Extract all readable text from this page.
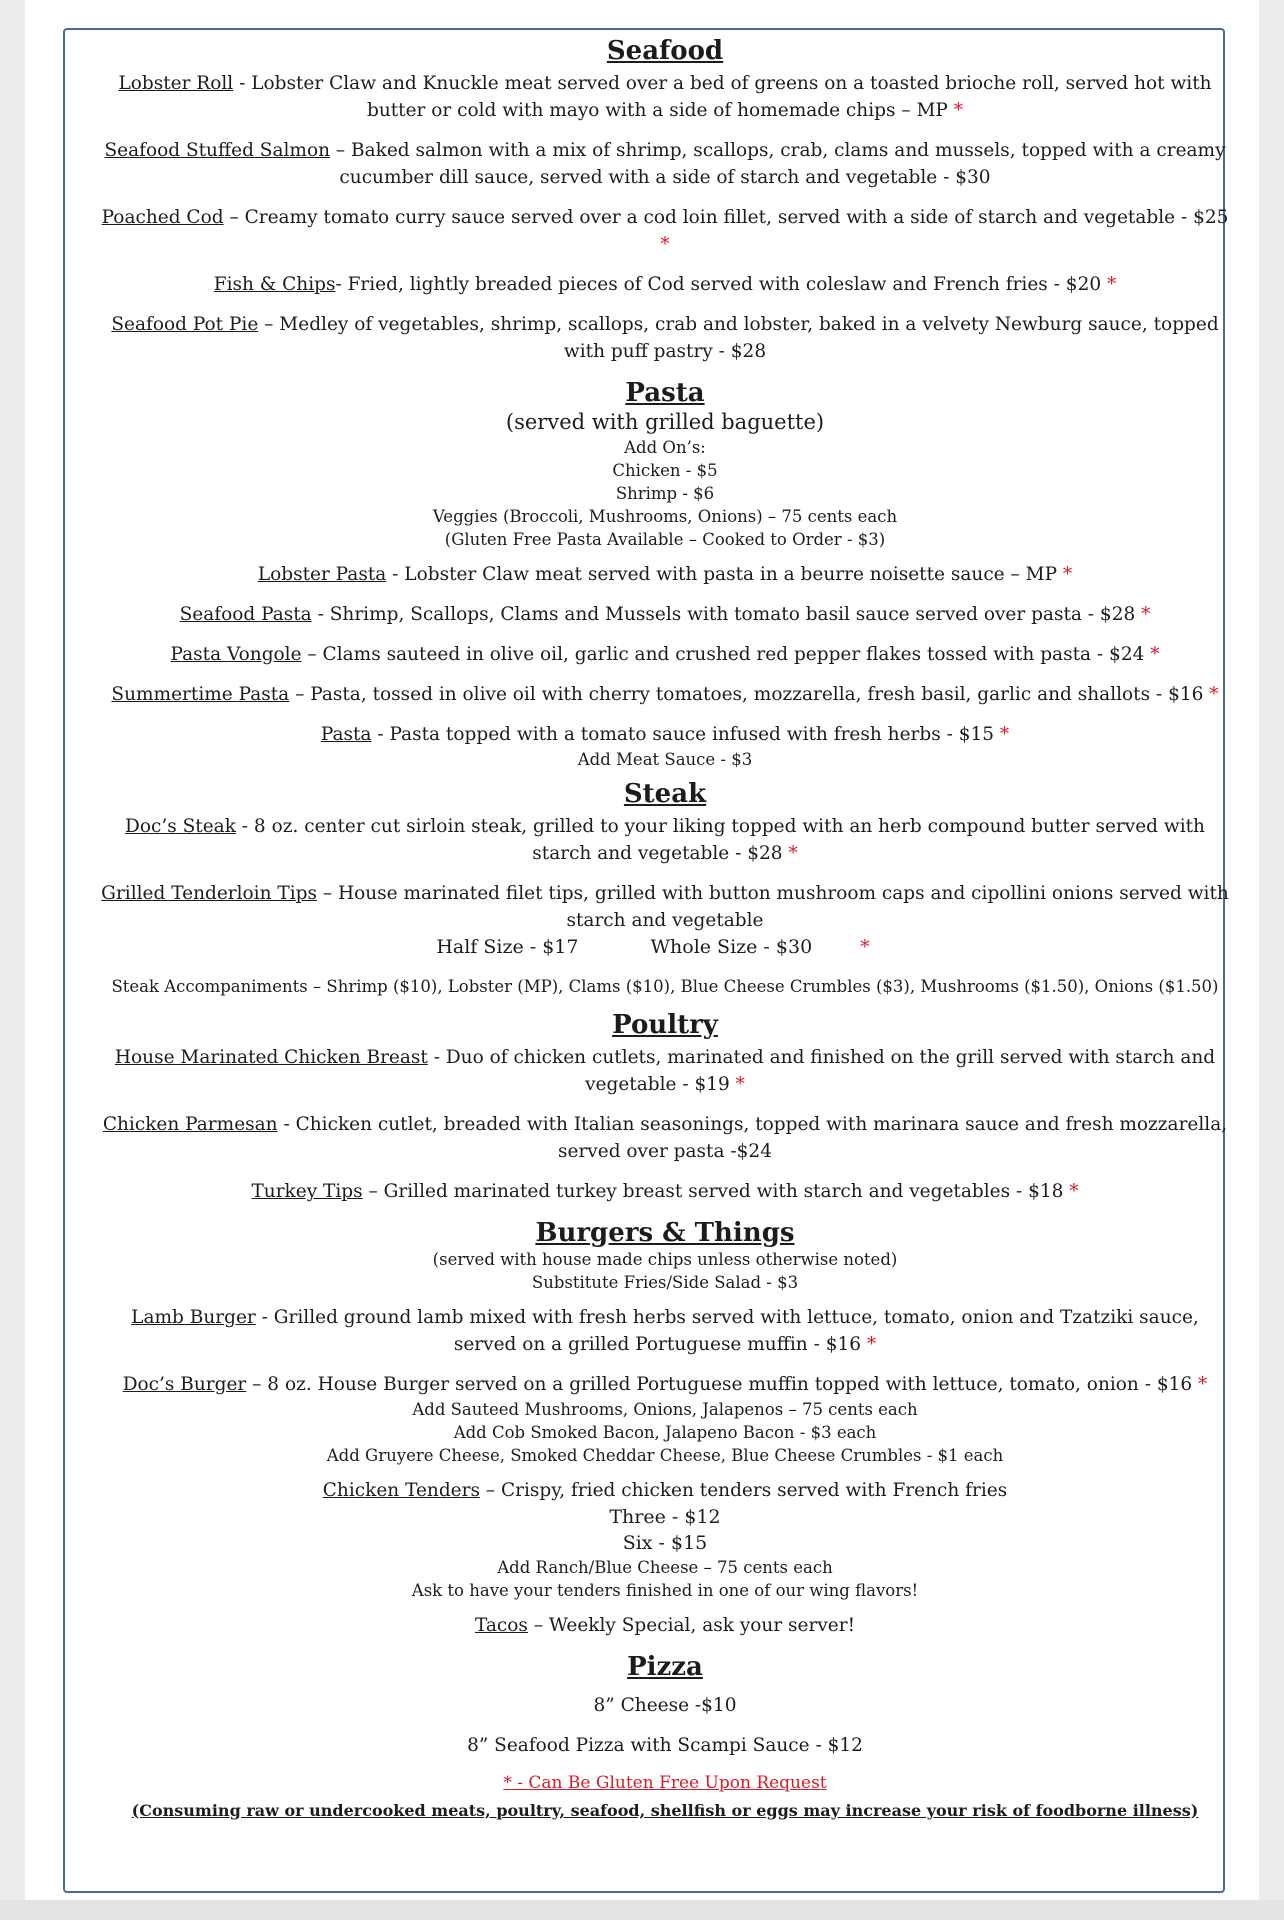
Seafood

Lobster Roll - Lobster Claw and Knuckle meat served over a bed of greens on a toasted brioche roll, served hot with butter or cold with mayo with a side of homemade chips – MP *

Seafood Stuffed Salmon – Baked salmon with a mix of shrimp, scallops, crab, clams and mussels, topped with a creamy cucumber dill sauce, served with a side of starch and vegetable - $30

Poached Cod – Creamy tomato curry sauce served over a cod loin fillet, served with a side of starch and vegetable - $25 *

Fish & Chips- Fried, lightly breaded pieces of Cod served with coleslaw and French fries - $20 *

Seafood Pot Pie – Medley of vegetables, shrimp, scallops, crab and lobster, baked in a velvety Newburg sauce, topped with puff pastry - $28

Pasta

(served with grilled baguette)

Add On’s:

Chicken - $5

Shrimp - $6

Veggies (Broccoli, Mushrooms, Onions) – 75 cents each

(Gluten Free Pasta Available – Cooked to Order - $3)

Lobster Pasta - Lobster Claw meat served with pasta in a beurre noisette sauce – MP *

Seafood Pasta - Shrimp, Scallops, Clams and Mussels with tomato basil sauce served over pasta - $28 *

Pasta Vongole – Clams sauteed in olive oil, garlic and crushed red pepper flakes tossed with pasta - $24 *

Summertime Pasta – Pasta, tossed in olive oil with cherry tomatoes, mozzarella, fresh basil, garlic and shallots - $16 *

Pasta - Pasta topped with a tomato sauce infused with fresh herbs - $15 *

Add Meat Sauce - $3

Steak

Doc’s Steak - 8 oz. center cut sirloin steak, grilled to your liking topped with an herb compound butter served with starch and vegetable - $28 *

Grilled Tenderloin Tips – House marinated filet tips, grilled with button mushroom caps and cipollini onions served with starch and vegetable

Half Size - $17	Whole Size - $30	*

Steak Accompaniments – Shrimp ($10), Lobster (MP), Clams ($10), Blue Cheese Crumbles ($3), Mushrooms ($1.50), Onions ($1.50)

Poultry

House Marinated Chicken Breast - Duo of chicken cutlets, marinated and finished on the grill served with starch and vegetable - $19 *

Chicken Parmesan - Chicken cutlet, breaded with Italian seasonings, topped with marinara sauce and fresh mozzarella, served over pasta -$24

Turkey Tips – Grilled marinated turkey breast served with starch and vegetables - $18 *

Burgers & Things

(served with house made chips unless otherwise noted)

Substitute Fries/Side Salad - $3

Lamb Burger - Grilled ground lamb mixed with fresh herbs served with lettuce, tomato, onion and Tzatziki sauce, served on a grilled Portuguese muffin - $16 *

Doc’s Burger – 8 oz. House Burger served on a grilled Portuguese muffin topped with lettuce, tomato, onion - $16 *

Add Sauteed Mushrooms, Onions, Jalapenos – 75 cents each

Add Cob Smoked Bacon, Jalapeno Bacon - $3 each

Add Gruyere Cheese, Smoked Cheddar Cheese, Blue Cheese Crumbles - $1 each

Chicken Tenders – Crispy, fried chicken tenders served with French fries

Three - $12

Six - $15

Add Ranch/Blue Cheese – 75 cents each

Ask to have your tenders finished in one of our wing flavors!

Tacos – Weekly Special, ask your server!

Pizza

8” Cheese -$10

8” Seafood Pizza with Scampi Sauce - $12

* - Can Be Gluten Free Upon Request

(Consuming raw or undercooked meats, poultry, seafood, shellfish or eggs may increase your risk of foodborne illness)
